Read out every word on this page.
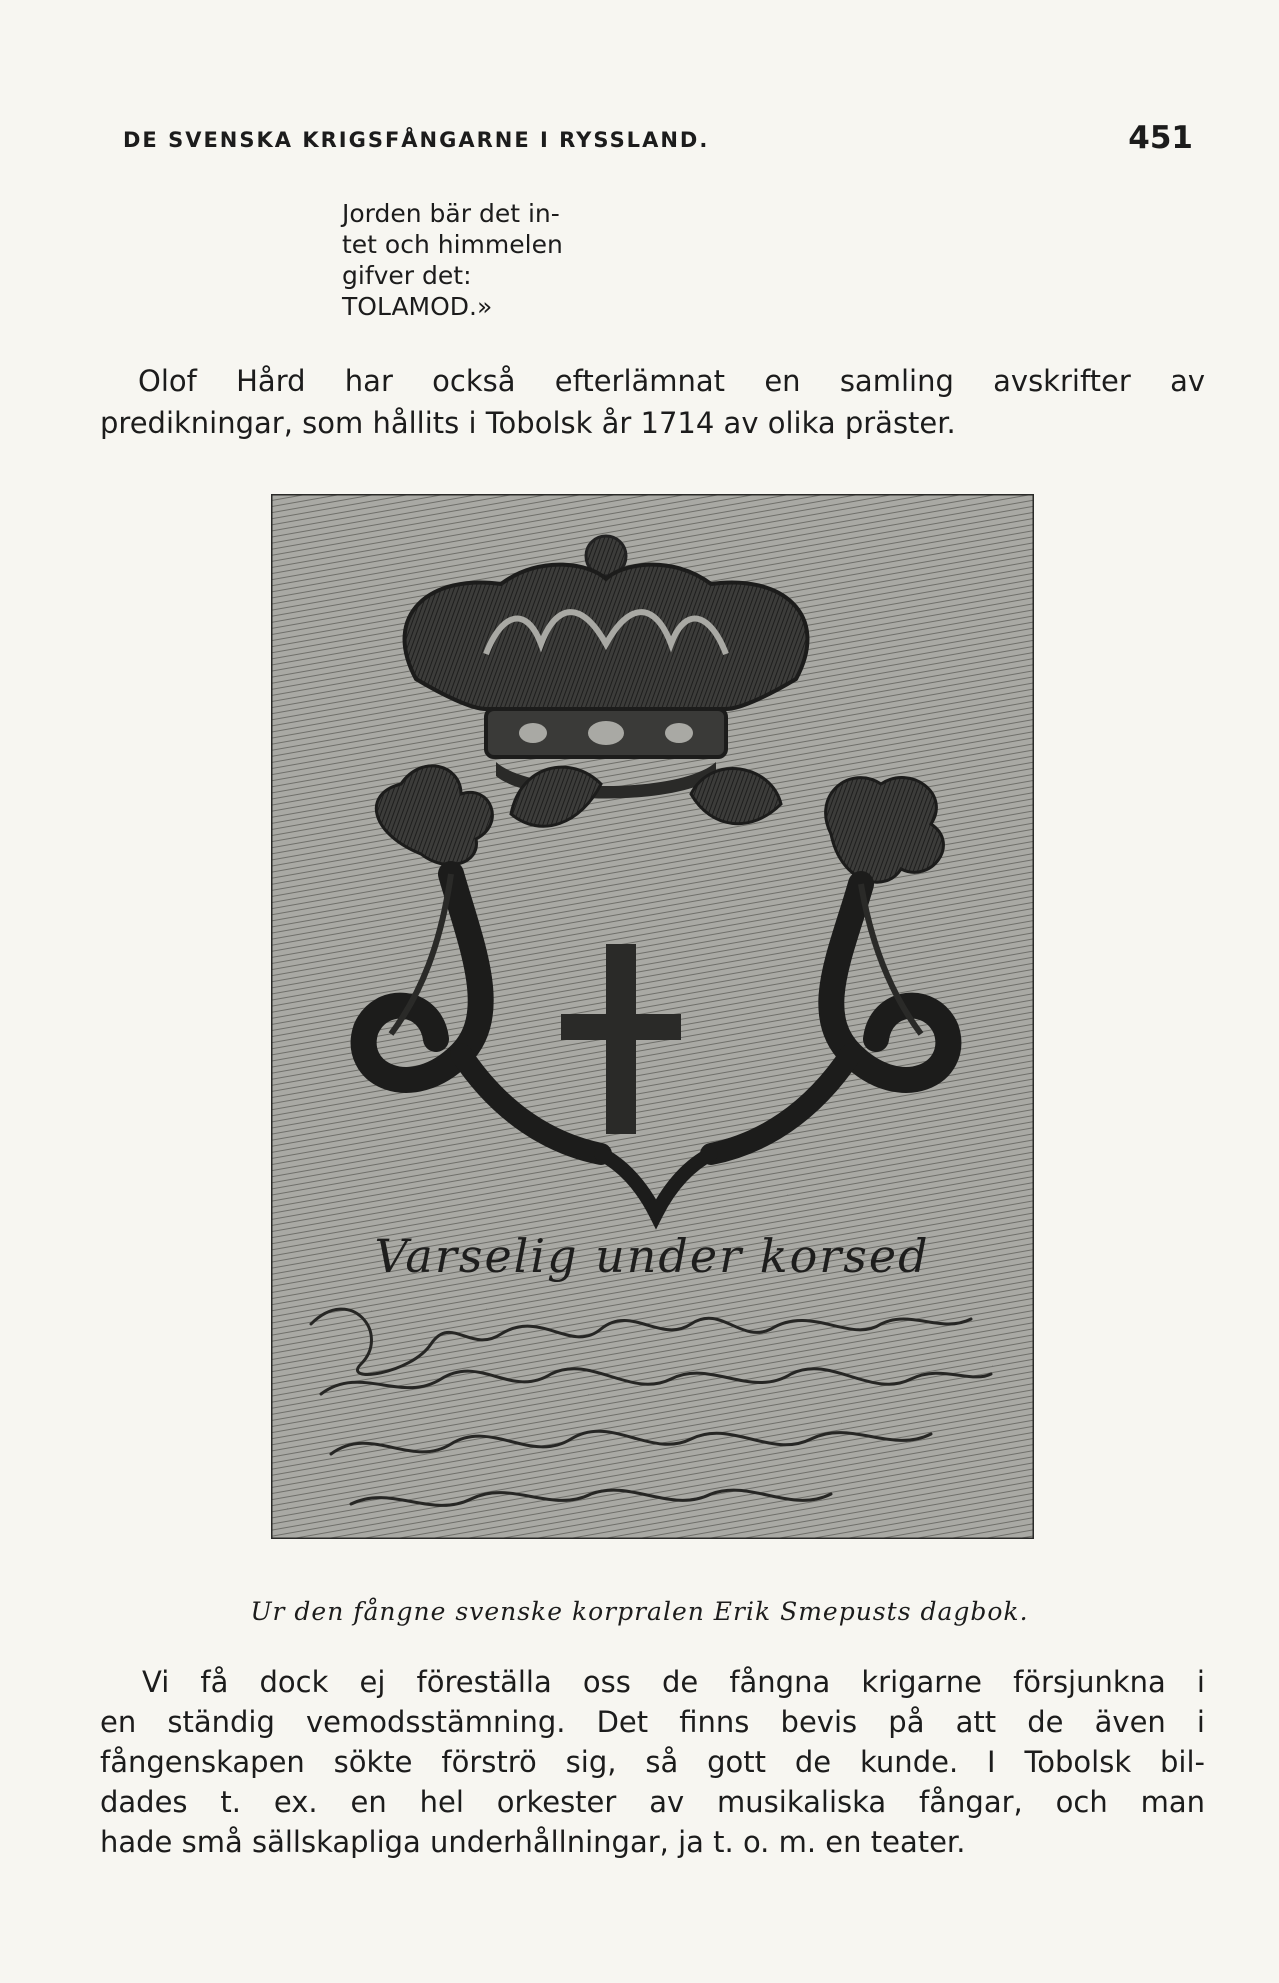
DE SVENSKA KRIGSFÅNGARNE I RYSSLAND.	451
Jorden bär det in-
tet och himmelen
gifver det:
TOLAMOD.»
Olof Hård har också efterlämnat en samling avskrifter av
predikningar, som hållits i Tobolsk år 1714 av olika präster.
Varselig under korsed
Ur den fångne svenske korpralen Erik Smepusts dagbok.
Vi få dock ej föreställa oss de fångna krigarne försjunkna i
en ständig vemodsstämning. Det finns bevis på att de även i
fångenskapen sökte förströ sig, så gott de kunde. I Tobolsk bil-
dades t. ex. en hel orkester av musikaliska fångar, och man
hade små sällskapliga underhållningar, ja t. o. m. en teater.
